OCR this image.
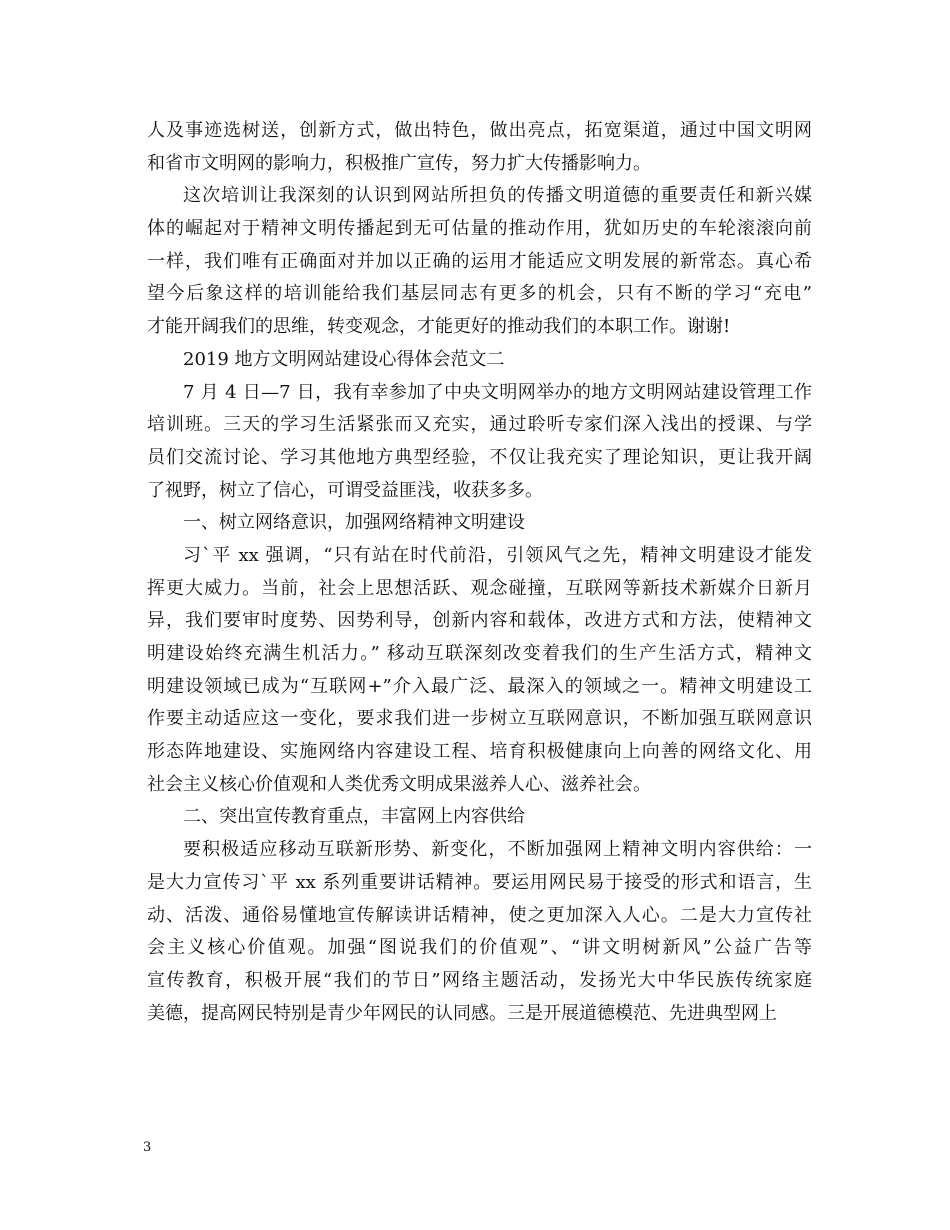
人及事迹选树送，创新方式，做出特色，做出亮点，拓宽渠道，通过中国文明网
和省市文明网的影响力，积极推广宣传，努力扩大传播影响力。
这次培训让我深刻的认识到网站所担负的传播文明道德的重要责任和新兴媒
体的崛起对于精神文明传播起到无可估量的推动作用，犹如历史的车轮滚滚向前
一样，我们唯有正确面对并加以正确的运用才能适应文明发展的新常态。真心希
望今后象这样的培训能给我们基层同志有更多的机会，只有不断的学习“充电”
才能开阔我们的思维，转变观念，才能更好的推动我们的本职工作。谢谢!
2019 地方文明网站建设心得体会范文二
7 月 4 日—7 日，我有幸参加了中央文明网举办的地方文明网站建设管理工作
培训班。三天的学习生活紧张而又充实，通过聆听专家们深入浅出的授课、与学
员们交流讨论、学习其他地方典型经验，不仅让我充实了理论知识，更让我开阔
了视野，树立了信心，可谓受益匪浅，收获多多。
一、树立网络意识，加强网络精神文明建设
习`平 xx 强调，“只有站在时代前沿，引领风气之先，精神文明建设才能发
挥更大威力。当前，社会上思想活跃、观念碰撞，互联网等新技术新媒介日新月
异，我们要审时度势、因势利导，创新内容和载体，改进方式和方法，使精神文
明建设始终充满生机活力。” 移动互联深刻改变着我们的生产生活方式，精神文
明建设领域已成为“互联网+”介入最广泛、最深入的领域之一。精神文明建设工
作要主动适应这一变化，要求我们进一步树立互联网意识，不断加强互联网意识
形态阵地建设、实施网络内容建设工程、培育积极健康向上向善的网络文化、用
社会主义核心价值观和人类优秀文明成果滋养人心、滋养社会。
二、突出宣传教育重点，丰富网上内容供给
要积极适应移动互联新形势、新变化，不断加强网上精神文明内容供给：一
是大力宣传习`平 xx 系列重要讲话精神。要运用网民易于接受的形式和语言，生
动、活泼、通俗易懂地宣传解读讲话精神，使之更加深入人心。二是大力宣传社
会主义核心价值观。加强“图说我们的价值观”、“讲文明树新风”公益广告等
宣传教育，积极开展“我们的节日”网络主题活动，发扬光大中华民族传统家庭
美德，提高网民特别是青少年网民的认同感。三是开展道德模范、先进典型网上
3
